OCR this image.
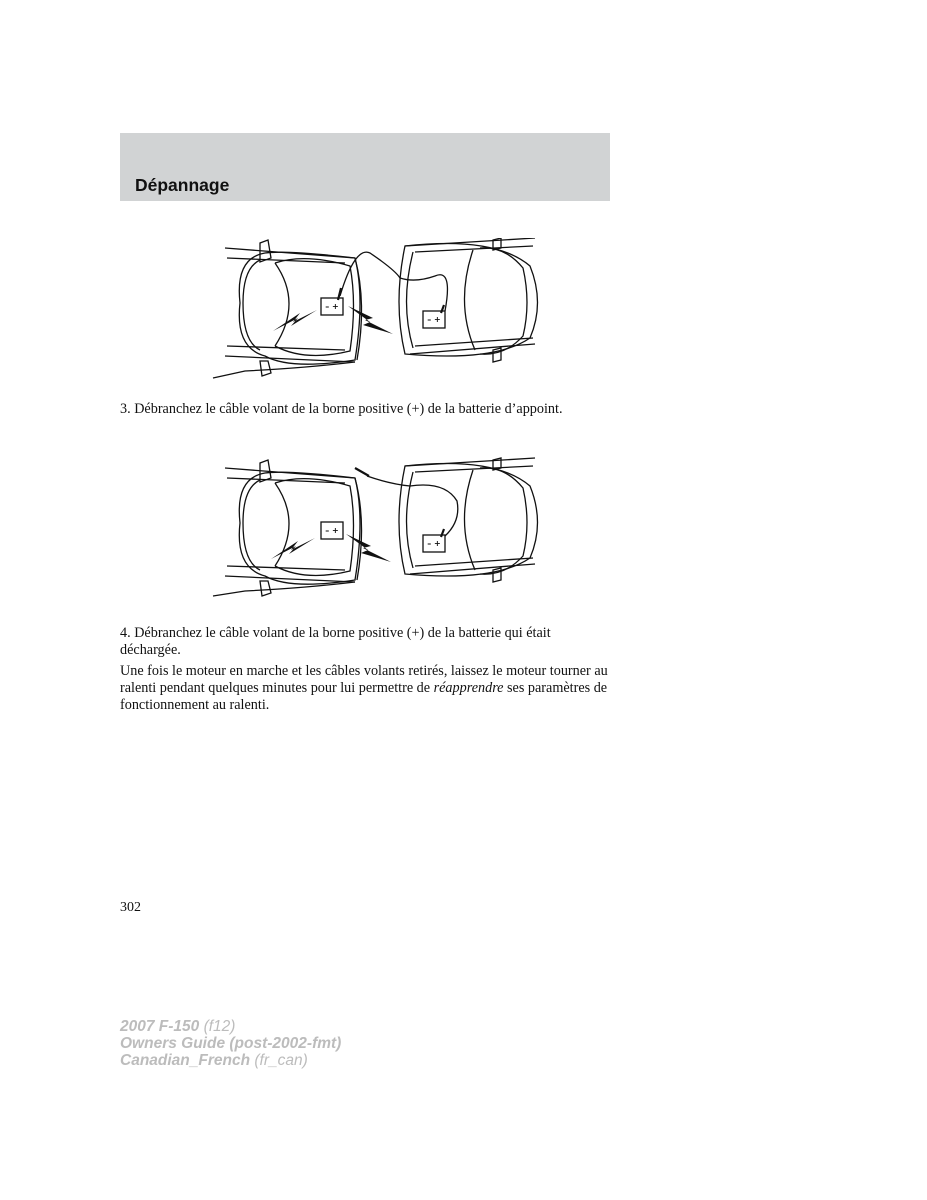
Dépannage
– +
– +

3. Débranchez le câble volant de la borne positive (+) de la batterie d’appoint.

– +
– +

4. Débranchez le câble volant de la borne positive (+) de la batterie qui était déchargée.

Une fois le moteur en marche et les câbles volants retirés, laissez le moteur tourner au ralenti pendant quelques minutes pour lui permettre de réapprendre ses paramètres de fonctionnement au ralenti.

302

2007 F-150 (f12)
Owners Guide (post-2002-fmt)
Canadian_French (fr_can)
